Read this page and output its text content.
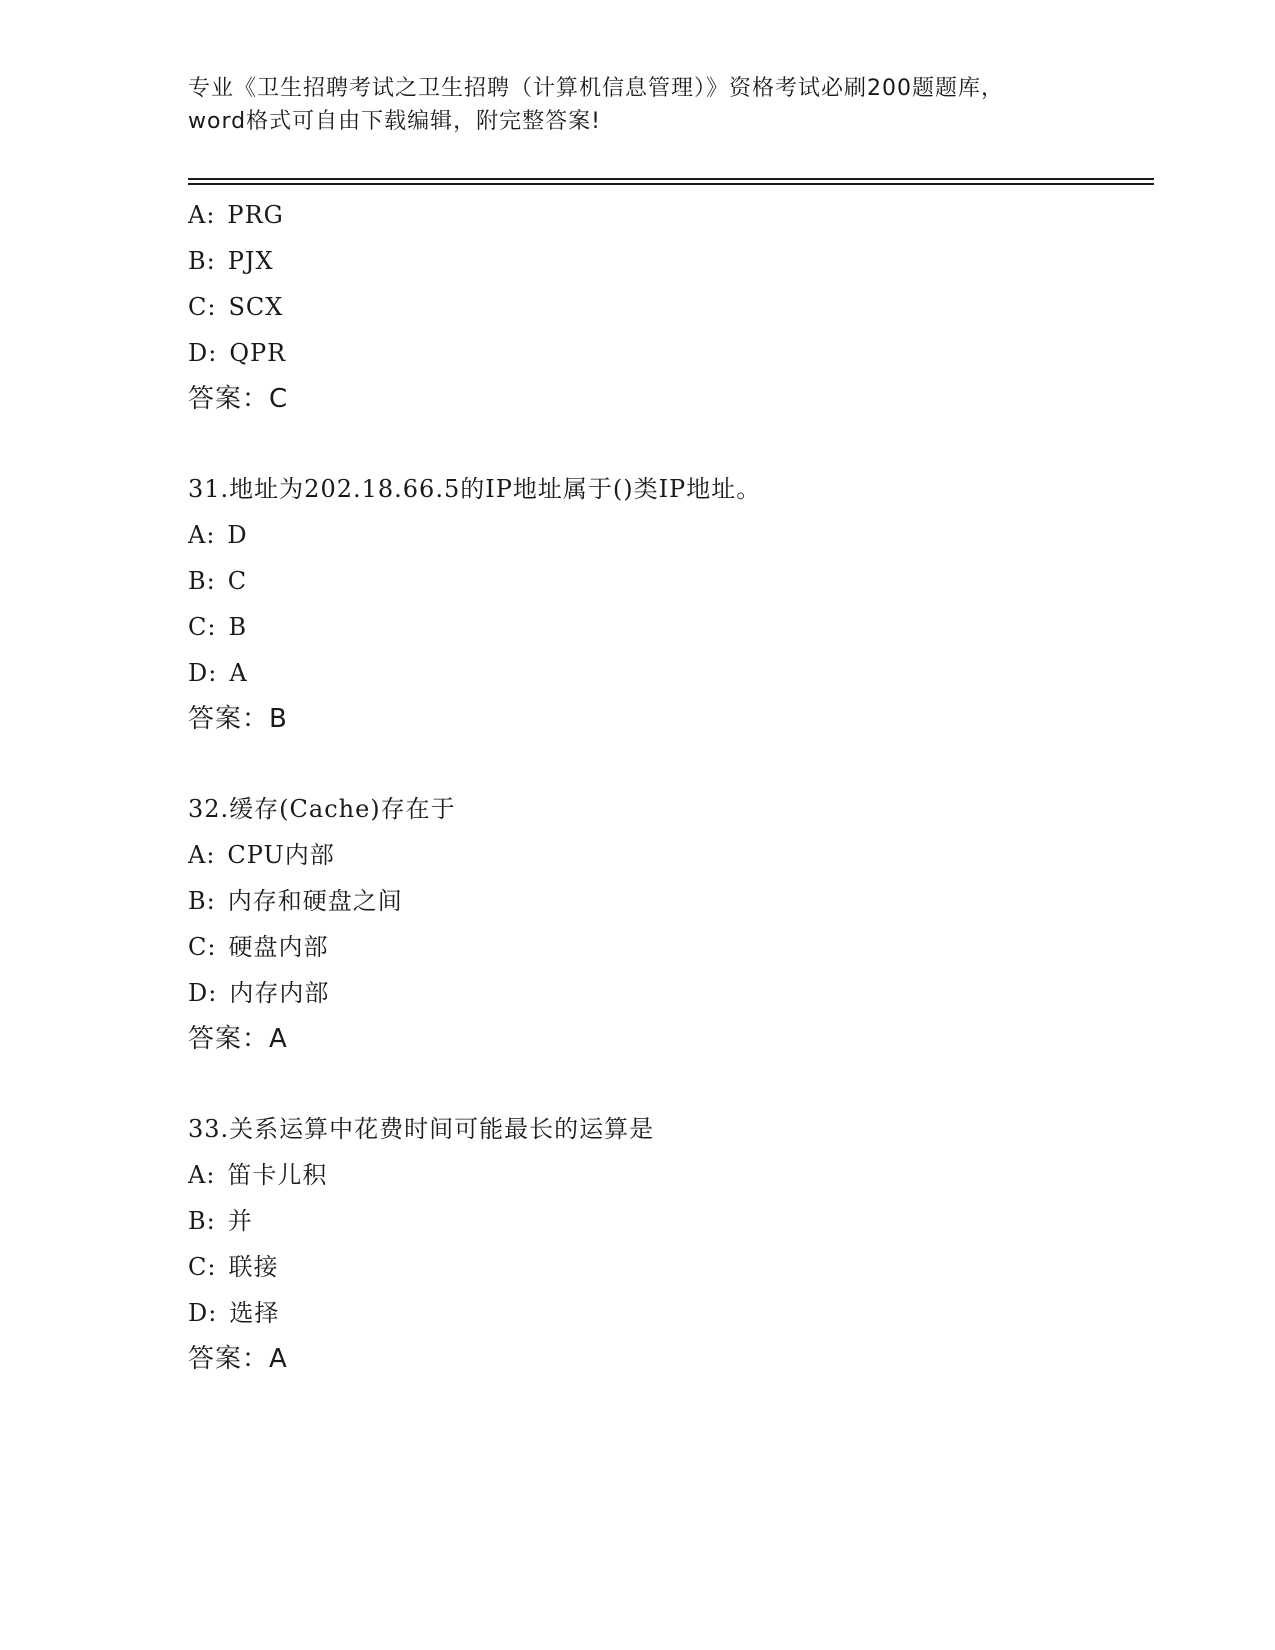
专业《卫生招聘考试之卫生招聘（计算机信息管理）》资格考试必刷200题题库，
word格式可自由下载编辑，附完整答案!
A: PRG
B: PJX
C: SCX
D: QPR
答案：C
31.地址为202.18.66.5的IP地址属于()类IP地址。
A: D
B: C
C: B
D: A
答案：B
32.缓存(Cache)存在于
A: CPU内部
B: 内存和硬盘之间
C: 硬盘内部
D: 内存内部
答案：A
33.关系运算中花费时间可能最长的运算是
A: 笛卡儿积
B: 并
C: 联接
D: 选择
答案：A
